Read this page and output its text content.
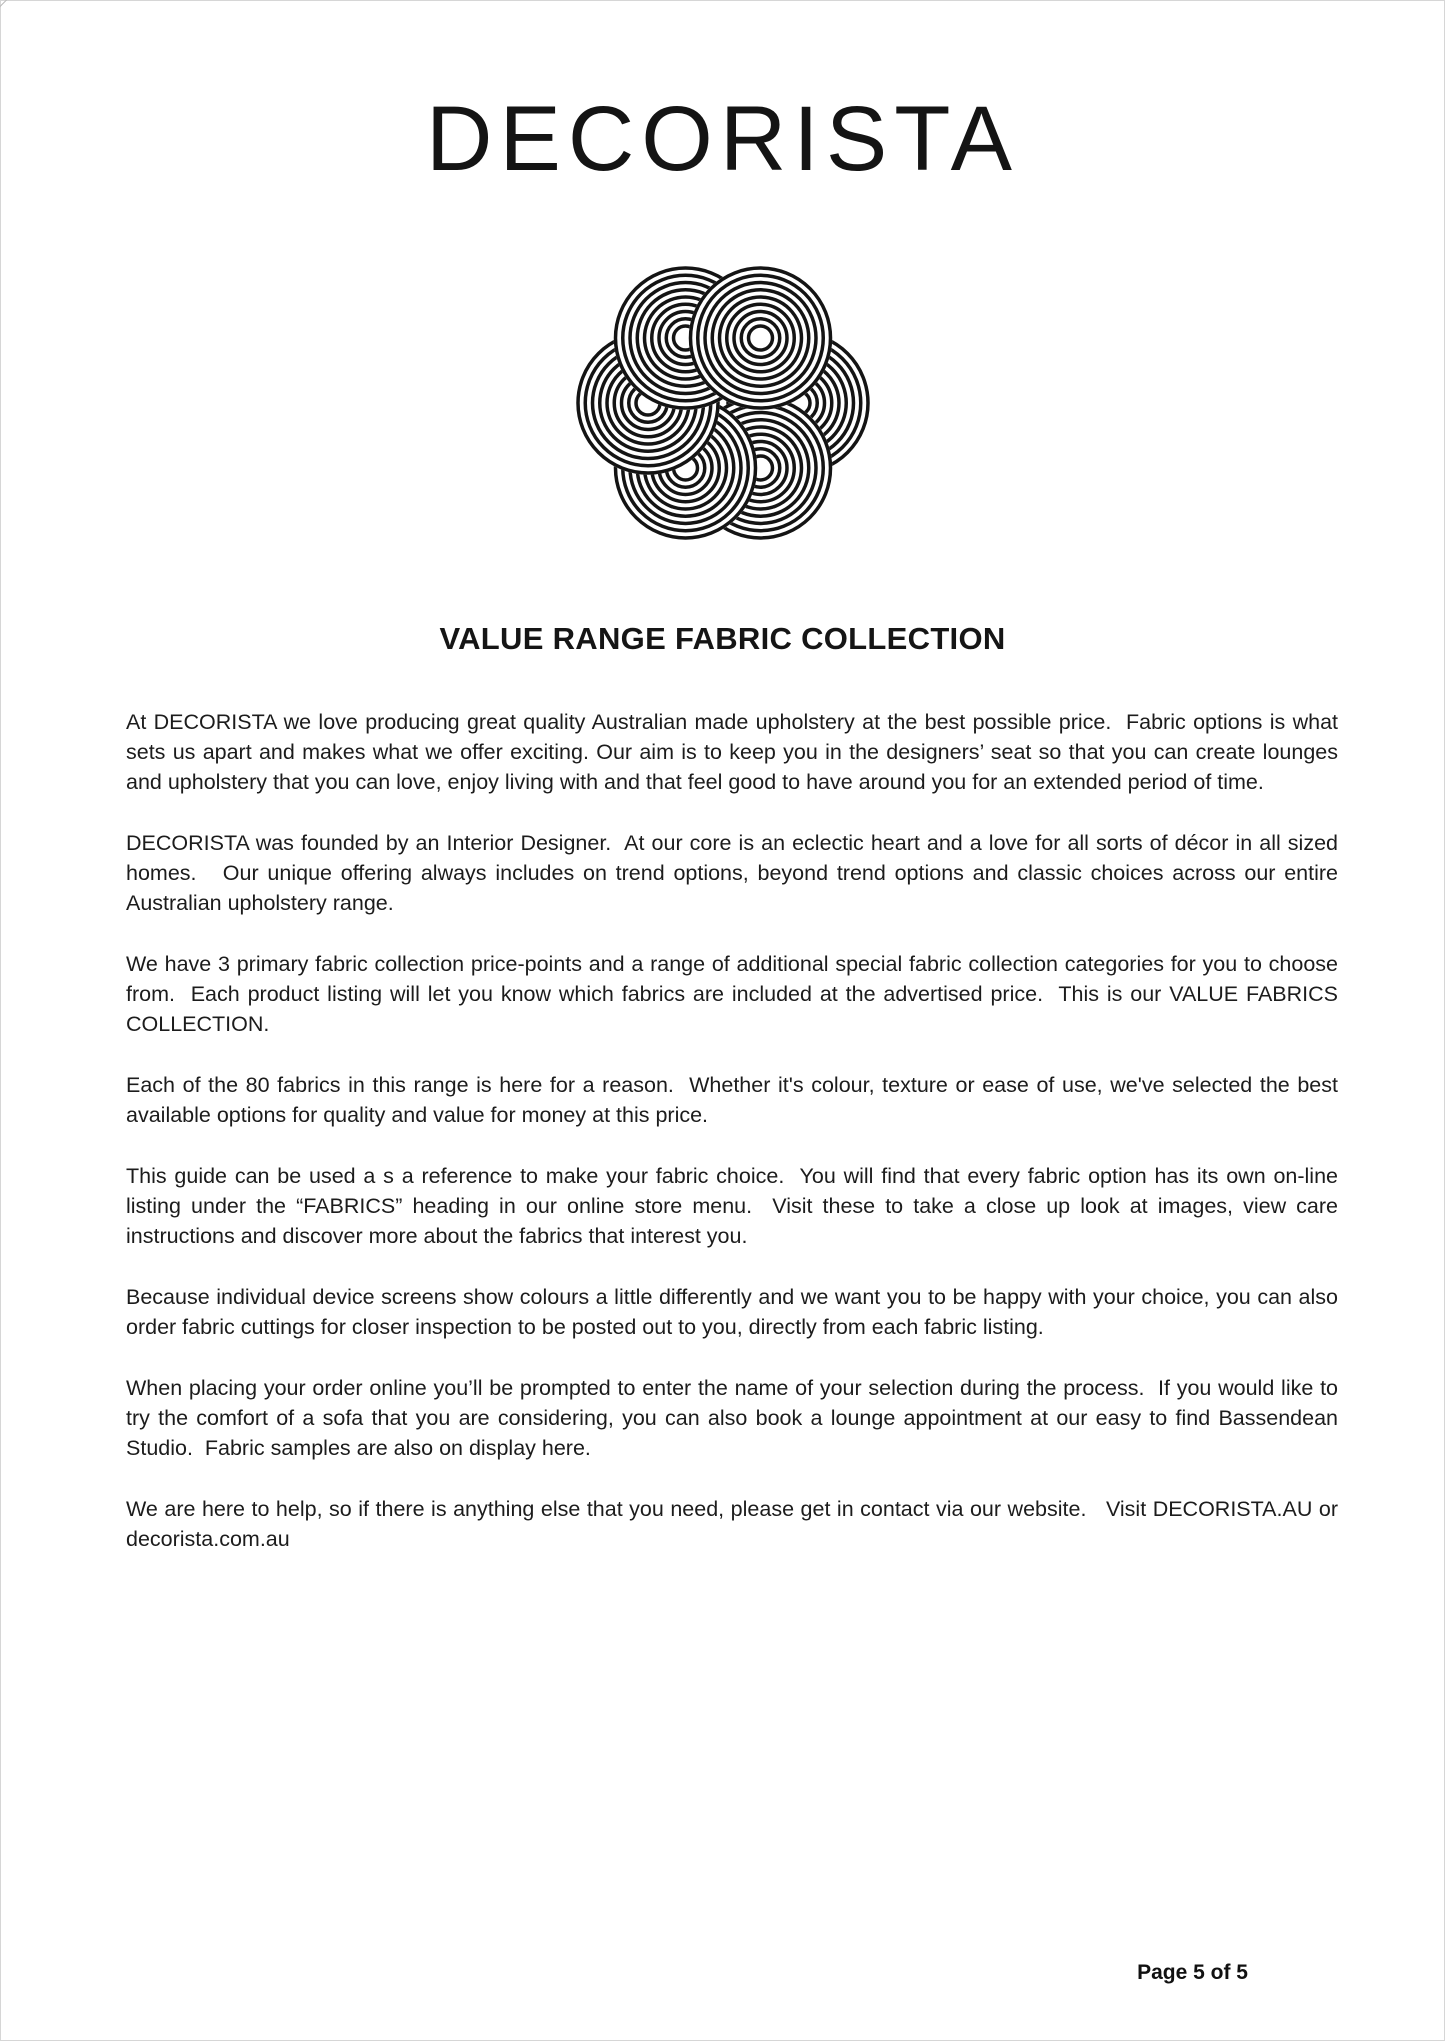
DECORISTA
VALUE RANGE FABRIC COLLECTION

At DECORISTA we love producing great quality Australian made upholstery at the best possible price.  Fabric options is what sets us apart and makes what we offer exciting. Our aim is to keep you in the designers’ seat so that you can create lounges and upholstery that you can love, enjoy living with and that feel good to have around you for an extended period of time.

DECORISTA was founded by an Interior Designer.  At our core is an eclectic heart and a love for all sorts of décor in all sized homes.   Our unique offering always includes on trend options, beyond trend options and classic choices across our entire Australian upholstery range.

We have 3 primary fabric collection price-points and a range of additional special fabric collection categories for you to choose from.  Each product listing will let you know which fabrics are included at the advertised price.  This is our VALUE FABRICS COLLECTION.

Each of the 80 fabrics in this range is here for a reason.  Whether it's colour, texture or ease of use, we've selected the best available options for quality and value for money at this price.

This guide can be used a s a reference to make your fabric choice.  You will find that every fabric option has its own on-line listing under the “FABRICS” heading in our online store menu.  Visit these to take a close up look at images, view care instructions and discover more about the fabrics that interest you.

Because individual device screens show colours a little differently and we want you to be happy with your choice, you can also order fabric cuttings for closer inspection to be posted out to you, directly from each fabric listing.

When placing your order online you’ll be prompted to enter the name of your selection during the process.  If you would like to try the comfort of a sofa that you are considering, you can also book a lounge appointment at our easy to find Bassendean Studio.  Fabric samples are also on display here.

We are here to help, so if there is anything else that you need, please get in contact via our website.   Visit DECORISTA.AU or decorista.com.au

Page 5 of 5
